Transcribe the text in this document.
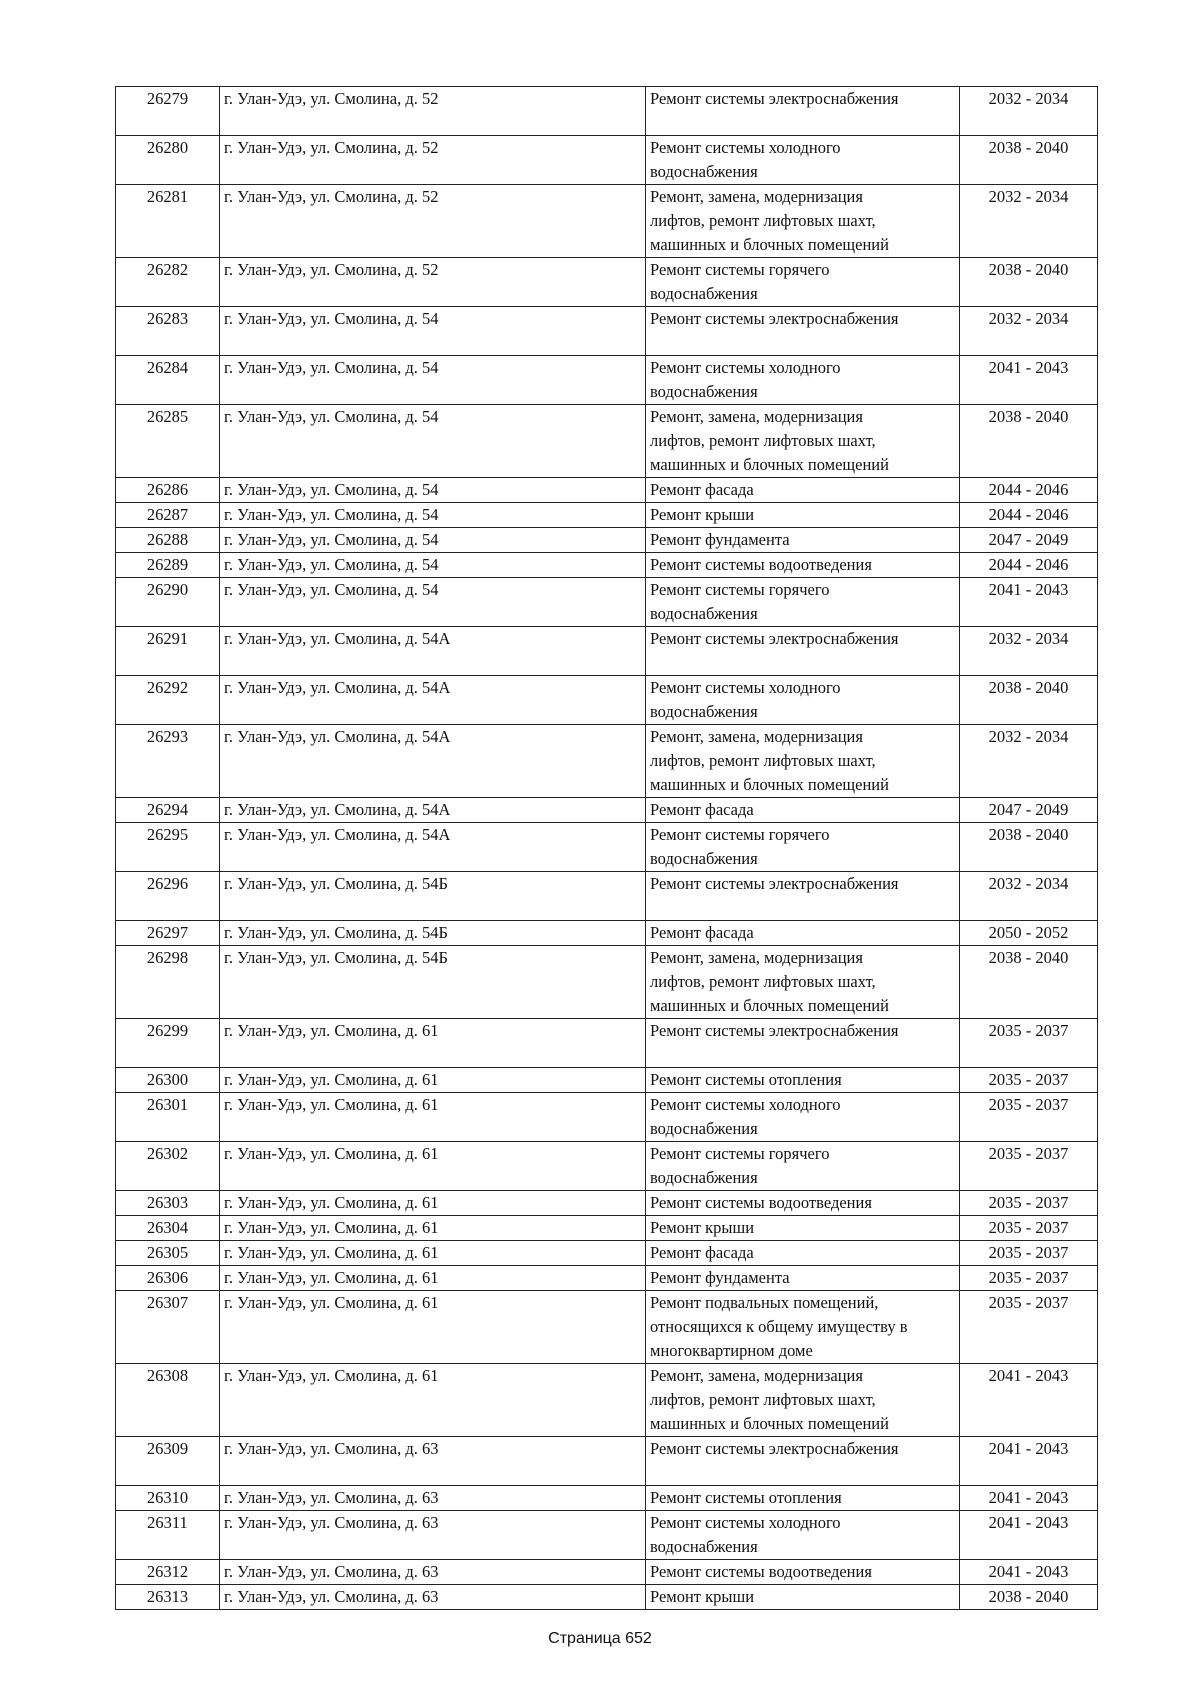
26279	г. Улан-Удэ, ул. Смолина, д. 52	Ремонт системы электроснабжения	2032 - 2034
26280	г. Улан-Удэ, ул. Смолина, д. 52	Ремонт системы холодного
водоснабжения	2038 - 2040
26281	г. Улан-Удэ, ул. Смолина, д. 52	Ремонт, замена, модернизация
лифтов, ремонт лифтовых шахт,
машинных и блочных помещений	2032 - 2034
26282	г. Улан-Удэ, ул. Смолина, д. 52	Ремонт системы горячего
водоснабжения	2038 - 2040
26283	г. Улан-Удэ, ул. Смолина, д. 54	Ремонт системы электроснабжения	2032 - 2034
26284	г. Улан-Удэ, ул. Смолина, д. 54	Ремонт системы холодного
водоснабжения	2041 - 2043
26285	г. Улан-Удэ, ул. Смолина, д. 54	Ремонт, замена, модернизация
лифтов, ремонт лифтовых шахт,
машинных и блочных помещений	2038 - 2040
26286	г. Улан-Удэ, ул. Смолина, д. 54	Ремонт фасада	2044 - 2046
26287	г. Улан-Удэ, ул. Смолина, д. 54	Ремонт крыши	2044 - 2046
26288	г. Улан-Удэ, ул. Смолина, д. 54	Ремонт фундамента	2047 - 2049
26289	г. Улан-Удэ, ул. Смолина, д. 54	Ремонт системы водоотведения	2044 - 2046
26290	г. Улан-Удэ, ул. Смолина, д. 54	Ремонт системы горячего
водоснабжения	2041 - 2043
26291	г. Улан-Удэ, ул. Смолина, д. 54А	Ремонт системы электроснабжения	2032 - 2034
26292	г. Улан-Удэ, ул. Смолина, д. 54А	Ремонт системы холодного
водоснабжения	2038 - 2040
26293	г. Улан-Удэ, ул. Смолина, д. 54А	Ремонт, замена, модернизация
лифтов, ремонт лифтовых шахт,
машинных и блочных помещений	2032 - 2034
26294	г. Улан-Удэ, ул. Смолина, д. 54А	Ремонт фасада	2047 - 2049
26295	г. Улан-Удэ, ул. Смолина, д. 54А	Ремонт системы горячего
водоснабжения	2038 - 2040
26296	г. Улан-Удэ, ул. Смолина, д. 54Б	Ремонт системы электроснабжения	2032 - 2034
26297	г. Улан-Удэ, ул. Смолина, д. 54Б	Ремонт фасада	2050 - 2052
26298	г. Улан-Удэ, ул. Смолина, д. 54Б	Ремонт, замена, модернизация
лифтов, ремонт лифтовых шахт,
машинных и блочных помещений	2038 - 2040
26299	г. Улан-Удэ, ул. Смолина, д. 61	Ремонт системы электроснабжения	2035 - 2037
26300	г. Улан-Удэ, ул. Смолина, д. 61	Ремонт системы отопления	2035 - 2037
26301	г. Улан-Удэ, ул. Смолина, д. 61	Ремонт системы холодного
водоснабжения	2035 - 2037
26302	г. Улан-Удэ, ул. Смолина, д. 61	Ремонт системы горячего
водоснабжения	2035 - 2037
26303	г. Улан-Удэ, ул. Смолина, д. 61	Ремонт системы водоотведения	2035 - 2037
26304	г. Улан-Удэ, ул. Смолина, д. 61	Ремонт крыши	2035 - 2037
26305	г. Улан-Удэ, ул. Смолина, д. 61	Ремонт фасада	2035 - 2037
26306	г. Улан-Удэ, ул. Смолина, д. 61	Ремонт фундамента	2035 - 2037
26307	г. Улан-Удэ, ул. Смолина, д. 61	Ремонт подвальных помещений,
относящихся к общему имуществу в
многоквартирном доме	2035 - 2037
26308	г. Улан-Удэ, ул. Смолина, д. 61	Ремонт, замена, модернизация
лифтов, ремонт лифтовых шахт,
машинных и блочных помещений	2041 - 2043
26309	г. Улан-Удэ, ул. Смолина, д. 63	Ремонт системы электроснабжения	2041 - 2043
26310	г. Улан-Удэ, ул. Смолина, д. 63	Ремонт системы отопления	2041 - 2043
26311	г. Улан-Удэ, ул. Смолина, д. 63	Ремонт системы холодного
водоснабжения	2041 - 2043
26312	г. Улан-Удэ, ул. Смолина, д. 63	Ремонт системы водоотведения	2041 - 2043
26313	г. Улан-Удэ, ул. Смолина, д. 63	Ремонт крыши	2038 - 2040
Страница 652
